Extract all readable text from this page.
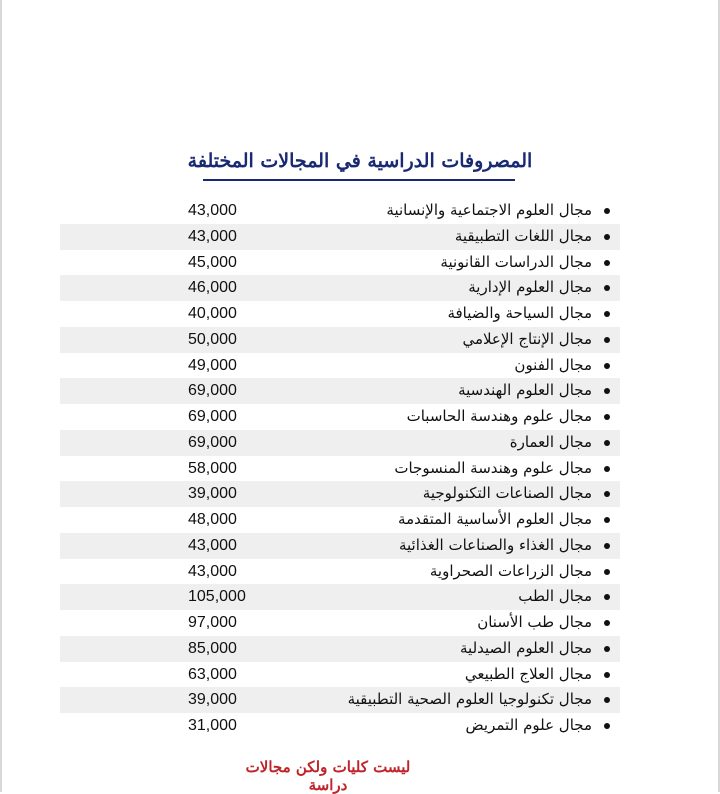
المصروفات الدراسية في المجالات المختلفة
مجال العلوم الاجتماعية والإنسانية
43,000
مجال اللغات التطبيقية
43,000
مجال الدراسات القانونية
45,000
مجال العلوم الإدارية
46,000
مجال السياحة والضيافة
40,000
مجال الإنتاج الإعلامي
50,000
مجال الفنون
49,000
مجال العلوم الهندسية
69,000
مجال علوم وهندسة الحاسبات
69,000
مجال العمارة
69,000
مجال علوم وهندسة المنسوجات
58,000
مجال الصناعات التكنولوجية
39,000
مجال العلوم الأساسية المتقدمة
48,000
مجال الغذاء والصناعات الغذائية
43,000
مجال الزراعات الصحراوية
43,000
مجال الطب
105,000
مجال طب الأسنان
97,000
مجال العلوم الصيدلية
85,000
مجال العلاج الطبيعي
63,000
مجال تكنولوجيا العلوم الصحية التطبيقية
39,000
مجال علوم التمريض
31,000
ليست كليات ولكن مجالات دراسة
